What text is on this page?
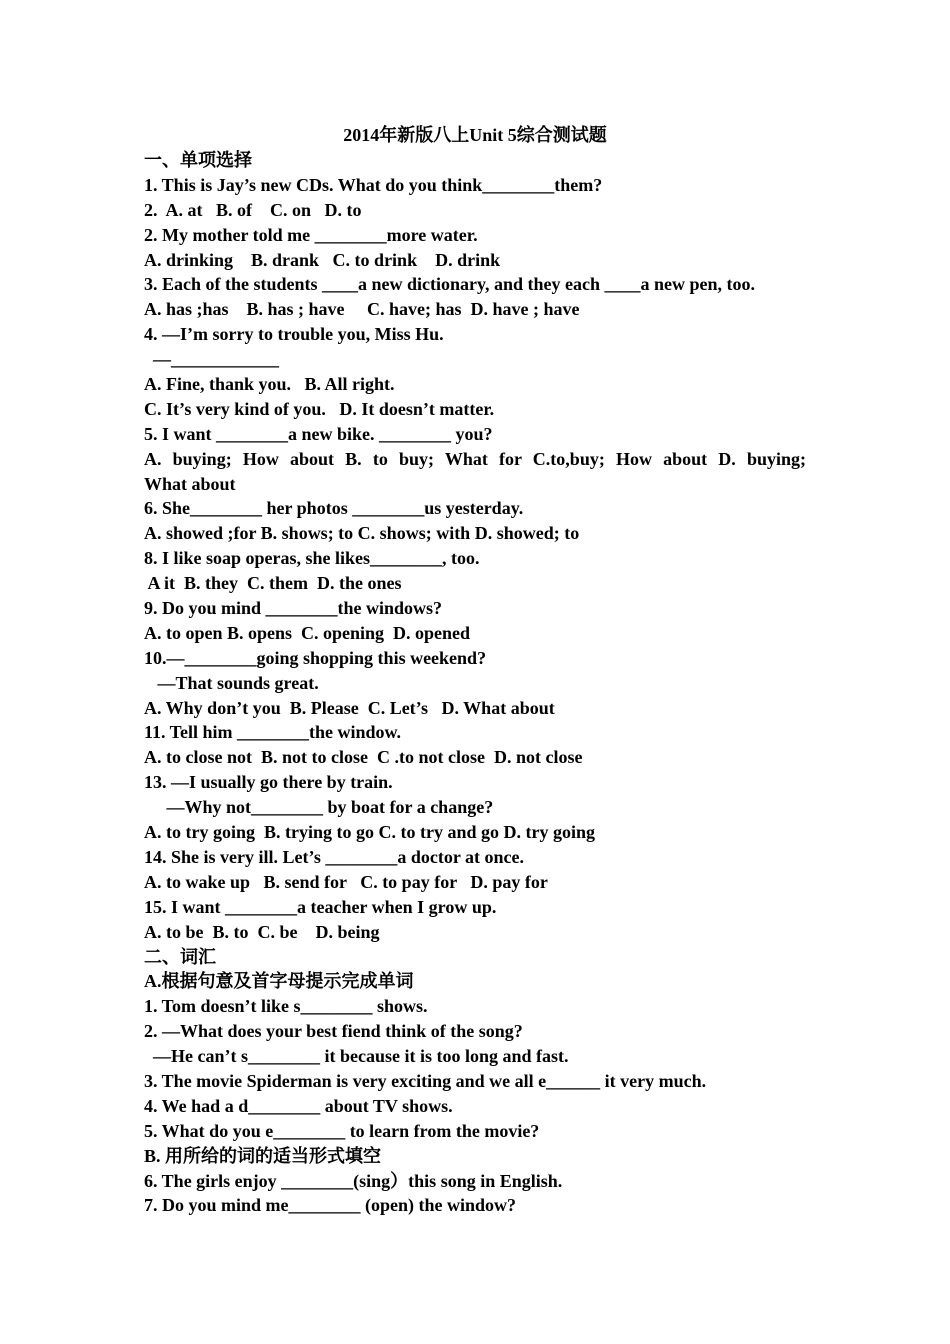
2014年新版八上Unit 5综合测试题
一、单项选择
1. This is Jay’s new CDs. What do you think________them?
2.  A. at   B. of    C. on   D. to
2. My mother told me ________more water.
A. drinking    B. drank   C. to drink    D. drink
3. Each of the students ____a new dictionary, and they each ____a new pen, too.
A. has ;has    B. has ; have     C. have; has  D. have ; have
4. —I’m sorry to trouble you, Miss Hu.
—____________
A. Fine, thank you.   B. All right.
C. It’s very kind of you.   D. It doesn’t matter.
5. I want ________a new bike. ________ you?
A. buying; How about B. to buy; What for C.to,buy; How about D. buying;
What about
6. She________ her photos ________us yesterday.
A. showed ;for B. shows; to C. shows; with D. showed; to
8. I like soap operas, she likes________, too.
A it  B. they  C. them  D. the ones
9. Do you mind ________the windows?
A. to open B. opens  C. opening  D. opened
10.—________going shopping this weekend?
—That sounds great.
A. Why don’t you  B. Please  C. Let’s   D. What about
11. Tell him ________the window.
A. to close not  B. not to close  C .to not close  D. not close
13. —I usually go there by train.
—Why not________ by boat for a change?
A. to try going  B. trying to go C. to try and go D. try going
14. She is very ill. Let’s ________a doctor at once.
A. to wake up   B. send for   C. to pay for   D. pay for
15. I want ________a teacher when I grow up.
A. to be  B. to  C. be    D. being
二、词汇
A.根据句意及首字母提示完成单词
1. Tom doesn’t like s________ shows.
2. —What does your best fiend think of the song?
—He can’t s________ it because it is too long and fast.
3. The movie Spiderman is very exciting and we all e______ it very much.
4. We had a d________ about TV shows.
5. What do you e________ to learn from the movie?
B. 用所给的词的适当形式填空
6. The girls enjoy ________(sing）this song in English.
7. Do you mind me________ (open) the window?
